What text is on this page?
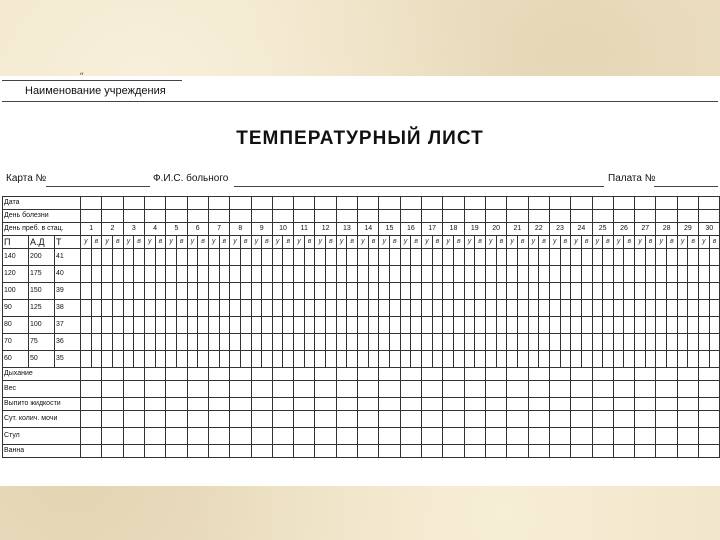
“
Наименование учреждения
ТЕМПЕРАТУРНЫЙ ЛИСТ
Карта №	Ф.И.С. больного	Палата №
Дата																																																														
День болезни																																																														
День преб. в стац.			1		2		3		4		5		6		7		8		9		10		11		12		13		14		15		16		17		18		19		20		21		22		23		24		25		26		27		28		29		30	
П	А.Д	Т	у	в	у	в	у	в	у	в	у	в	у	в	у	в	у	в	у	в	у	в	у	в	у	в	у	в	у	в	у	в	у	в	у	в	у	в	у	в	у	в	у	в	у	в	у	в	у	в	у	в	у	в	у	в	у	в	у	в	у	в
140	200	41																																																												
120	175	40																																																												
100	150	39																																																												
90	125	38																																																												
80	100	37																																																												
70	75	36																																																												
60	50	35																																																												
Дыхание																																																														
Вес																																																														
Выпито жидкости																																																														
Сут. колич. мочи																																																														
Стул																																																														
Ванна																																																														
